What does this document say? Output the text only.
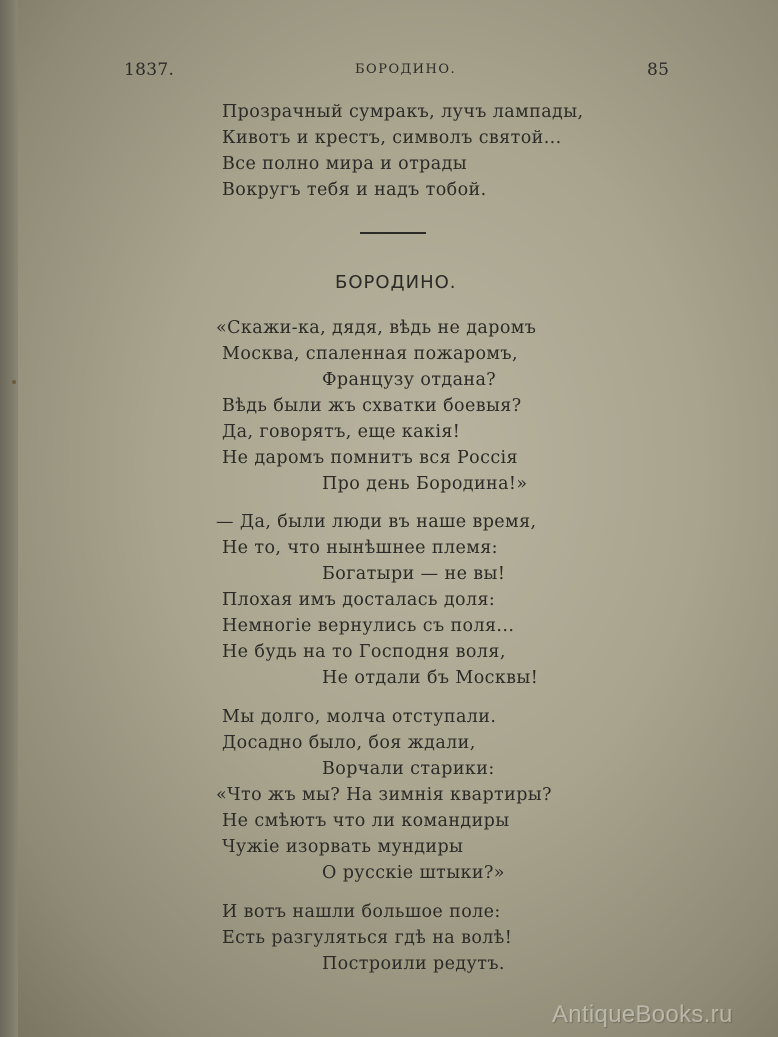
1837.	БОРОДИНО.	85
Прозрачный сумракъ, лучъ лампады,
Кивотъ и крестъ, символъ святой...
Все полно мира и отрады
Вокругъ тебя и надъ тобой.
БОРОДИНО.
«Скажи-ка, дядя, вѣдь не даромъ
Москва, спаленная пожаромъ,
Французу отдана?
Вѣдь были жъ схватки боевыя?
Да, говорятъ, еще какія!
Не даромъ помнитъ вся Россія
Про день Бородина!»
— Да, были люди въ наше время,
Не то, что нынѣшнее племя:
Богатыри — не вы!
Плохая имъ досталась доля:
Немногіе вернулись съ поля...
Не будь на то Господня воля,
Не отдали бъ Москвы!
Мы долго, молча отступали.
Досадно было, боя ждали,
Ворчали старики:
«Что жъ мы? На зимнія квартиры?
Не смѣютъ что ли командиры
Чужіе изорвать мундиры
О русскіе штыки?»
И вотъ нашли большое поле:
Есть разгуляться гдѣ на волѣ!
Построили редутъ.
AntiqueBooks.ru
